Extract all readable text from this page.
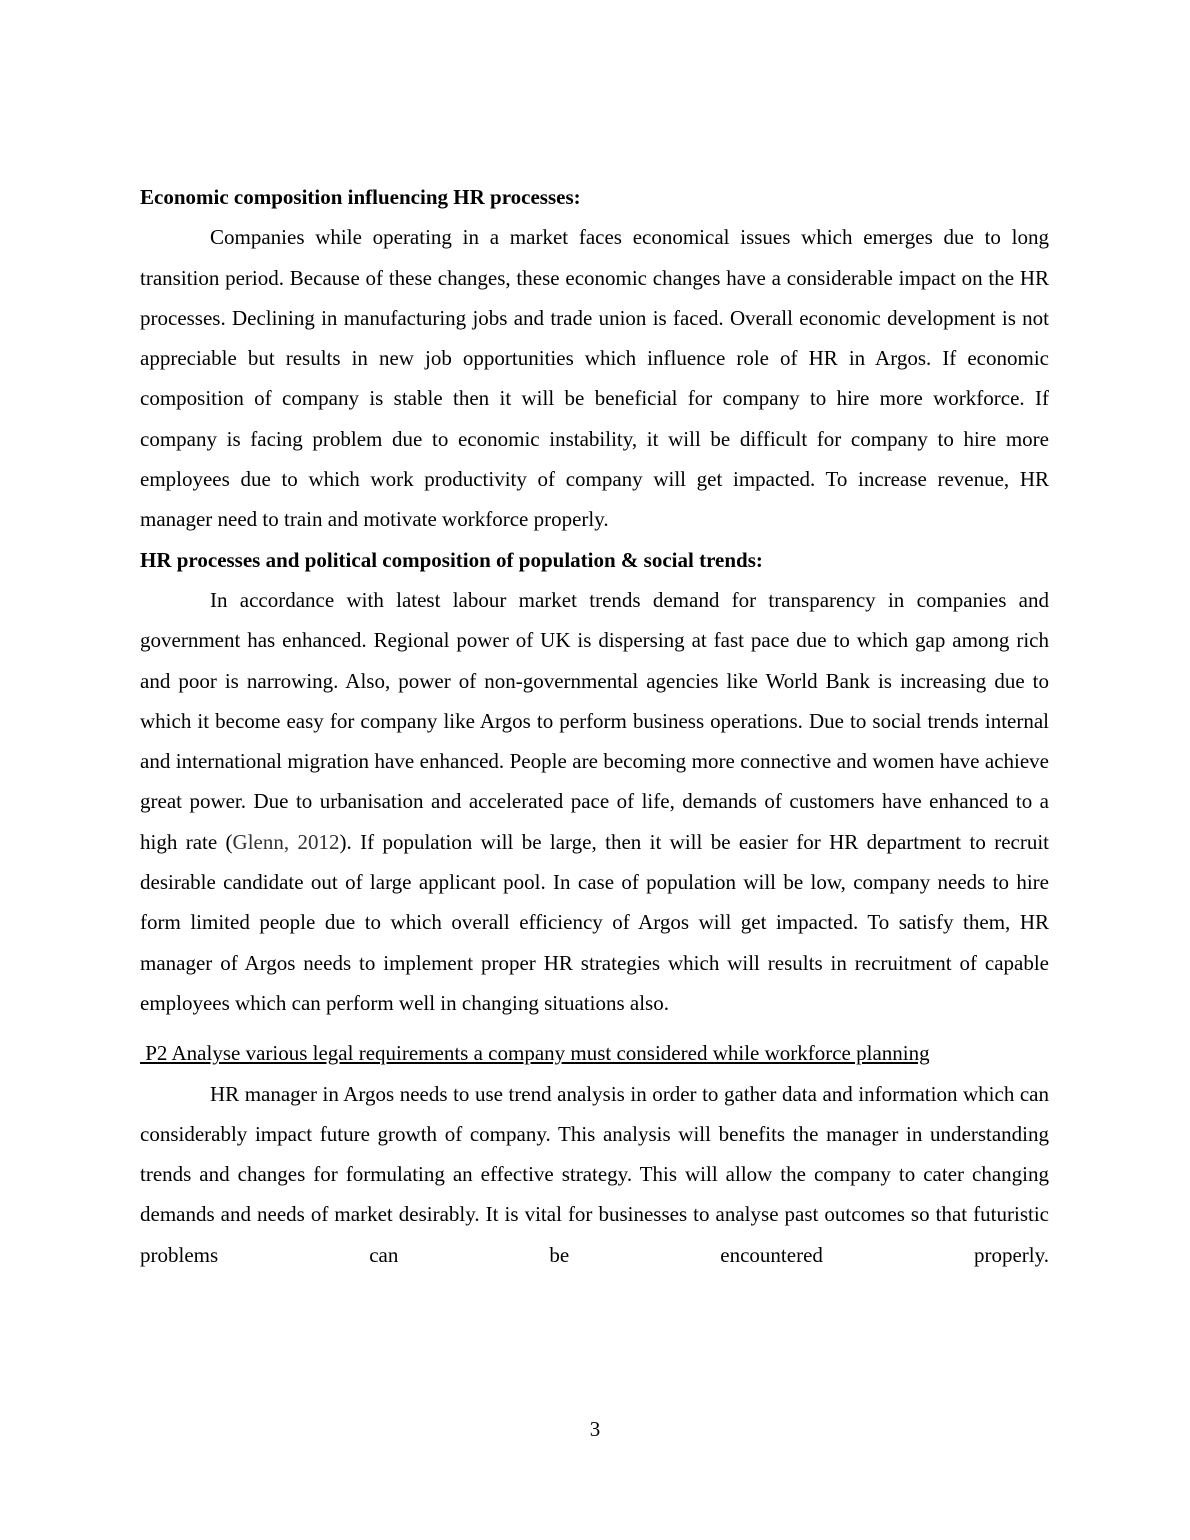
Economic composition influencing HR processes:

Companies while operating in a market faces economical issues which emerges due to long transition period. Because of these changes, these economic changes have a considerable impact on the HR processes. Declining in manufacturing jobs and trade union is faced. Overall economic development is not appreciable but results in new job opportunities which influence role of HR in Argos. If economic composition of company is stable then it will be beneficial for company to hire more workforce. If company is facing problem due to economic instability, it will be difficult for company to hire more employees due to which work productivity of company will get impacted. To increase revenue, HR manager need to train and motivate workforce properly.

HR processes and political composition of population & social trends:

In accordance with latest labour market trends demand for transparency in companies and government has enhanced. Regional power of UK is dispersing at fast pace due to which gap among rich and poor is narrowing. Also, power of non-governmental agencies like World Bank is increasing due to which it become easy for company like Argos to perform business operations. Due to social trends internal and international migration have enhanced. People are becoming more connective and women have achieve great power. Due to urbanisation and accelerated pace of life, demands of customers have enhanced to a high rate (Glenn, 2012). If population will be large, then it will be easier for HR department to recruit desirable candidate out of large applicant pool. In case of population will be low, company needs to hire form limited people due to which overall efficiency of Argos will get impacted. To satisfy them, HR manager of Argos needs to implement proper HR strategies which will results in recruitment of capable employees which can perform well in changing situations also.

P2 Analyse various legal requirements a company must considered while workforce planning

HR manager in Argos needs to use trend analysis in order to gather data and information which can considerably impact future growth of company. This analysis will benefits the manager in understanding trends and changes for formulating an effective strategy. This will allow the company to cater changing demands and needs of market desirably. It is vital for businesses to analyse past outcomes so that futuristic problems can be encountered properly.

3
